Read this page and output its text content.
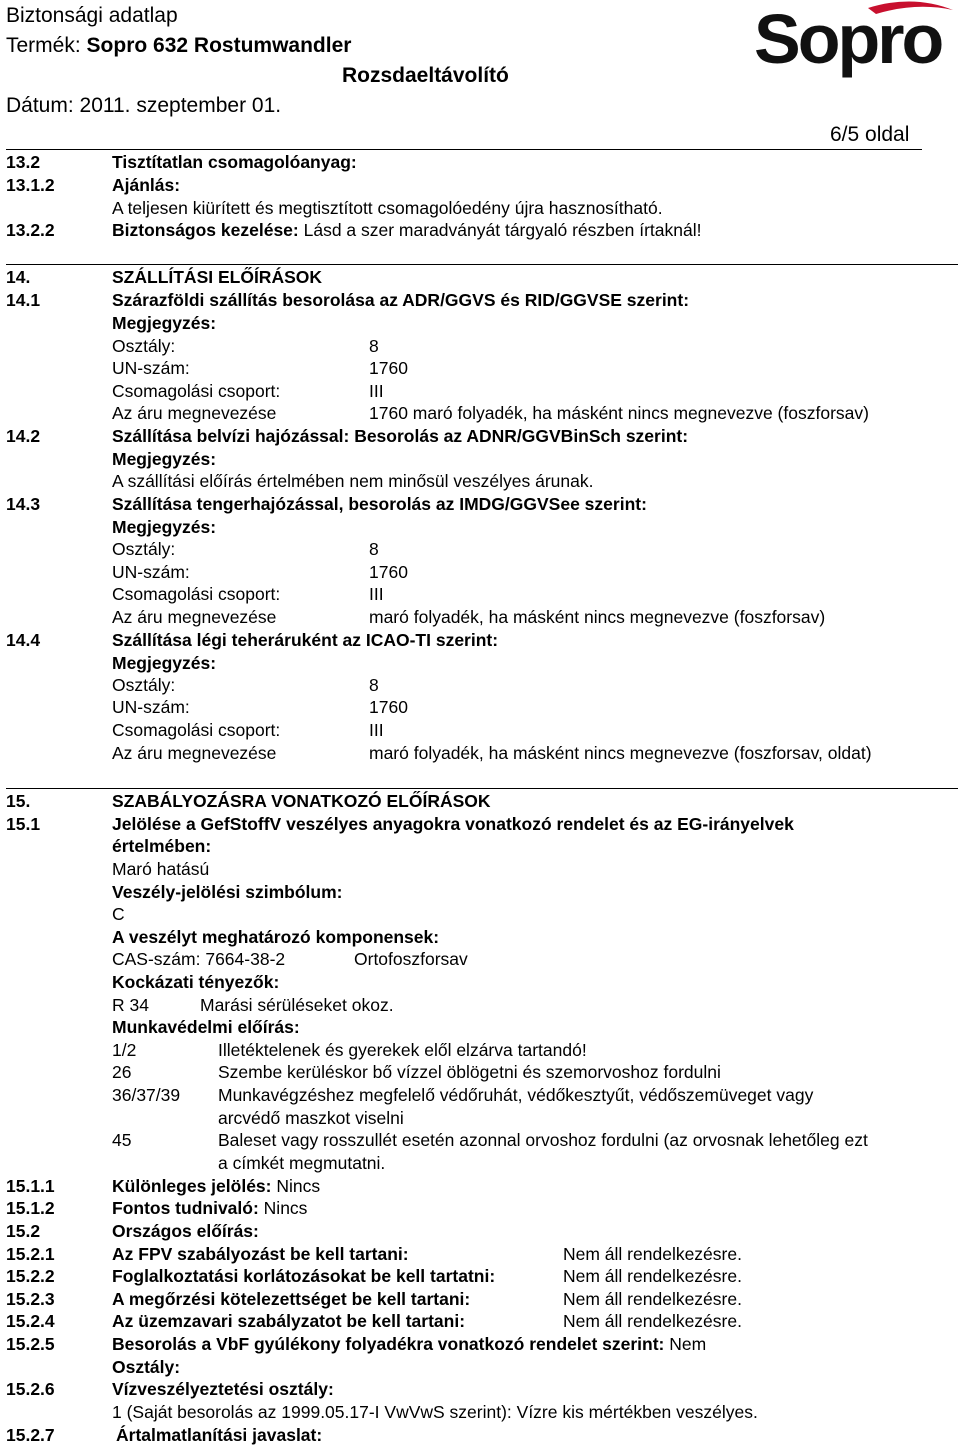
Biztonsági adatlap
Termék: Sopro 632 Rostumwandler
Rozsdaeltávolító
Dátum: 2011. szeptember 01.
6/5 oldal
Sopro
13.2	Tisztítatlan csomagolóanyag:
13.1.2	Ajánlás:
A teljesen kiürített és megtisztított csomagolóedény újra hasznosítható.
13.2.2	Biztonságos kezelése: Lásd a szer maradványát tárgyaló részben írtaknál!
14.	SZÁLLÍTÁSI ELŐÍRÁSOK
14.1	Szárazföldi szállítás besorolása az ADR/GGVS és RID/GGVSE szerint:
Megjegyzés:
Osztály:	8
UN-szám:	1760
Csomagolási csoport:	III
Az áru megnevezése	1760 maró folyadék, ha másként nincs megnevezve (foszforsav)
14.2	Szállítása belvízi hajózással: Besorolás az ADNR/GGVBinSch szerint:
Megjegyzés:
A szállítási előírás értelmében nem minősül veszélyes árunak.
14.3	Szállítása tengerhajózással, besorolás az IMDG/GGVSee szerint:
Megjegyzés:
Osztály:	8
UN-szám:	1760
Csomagolási csoport:	III
Az áru megnevezése	maró folyadék, ha másként nincs megnevezve (foszforsav)
14.4	Szállítása légi teheráruként az ICAO-TI szerint:
Megjegyzés:
Osztály:	8
UN-szám:	1760
Csomagolási csoport:	III
Az áru megnevezése	maró folyadék, ha másként nincs megnevezve (foszforsav, oldat)
15.	SZABÁLYOZÁSRA VONATKOZÓ ELŐÍRÁSOK
15.1	Jelölése a GefStoffV veszélyes anyagokra vonatkozó rendelet és az EG-irányelvek
értelmében:
Maró hatású
Veszély-jelölési szimbólum:
C
A veszélyt meghatározó komponensek:
CAS-szám: 7664-38-2	Ortofoszforsav
Kockázati tényezők:
R 34	Marási sérüléseket okoz.
Munkavédelmi előírás:
1/2	Illetéktelenek és gyerekek elől elzárva tartandó!
26	Szembe kerüléskor bő vízzel öblögetni és szemorvoshoz fordulni
36/37/39 Munkavégzéshez megfelelő védőruhát, védőkesztyűt, védőszemüveget vagy
arcvédő maszkot viselni
45	Baleset vagy rosszullét esetén azonnal orvoshoz fordulni (az orvosnak lehetőleg ezt
a címkét megmutatni.
15.1.1	Különleges jelölés: Nincs
15.1.2	Fontos tudnivaló: Nincs
15.2	Országos előírás:
15.2.1	Az FPV szabályozást be kell tartani:	Nem áll rendelkezésre.
15.2.2	Foglalkoztatási korlátozásokat be kell tartatni:	Nem áll rendelkezésre.
15.2.3	A megőrzési kötelezettséget be kell tartani:	Nem áll rendelkezésre.
15.2.4	Az üzemzavari szabályzatot be kell tartani:	Nem áll rendelkezésre.
15.2.5	Besorolás a VbF gyúlékony folyadékra vonatkozó rendelet szerint: Nem
Osztály:
15.2.6	Vízveszélyeztetési osztály:
1 (Saját besorolás az 1999.05.17-I VwVwS szerint): Vízre kis mértékben veszélyes.
15.2.7	Ártalmatlanítási javaslat:
